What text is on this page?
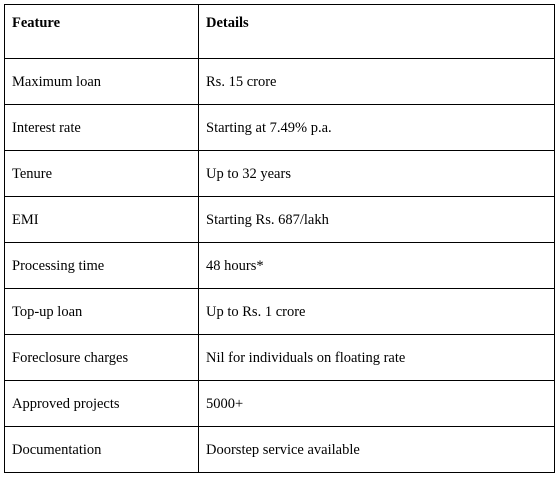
Feature	Details
Maximum loan	Rs. 15 crore
Interest rate	Starting at 7.49% p.a.
Tenure	Up to 32 years
EMI	Starting Rs. 687/lakh
Processing time	48 hours*
Top-up loan	Up to Rs. 1 crore
Foreclosure charges	Nil for individuals on floating rate
Approved projects	5000+
Documentation	Doorstep service available
